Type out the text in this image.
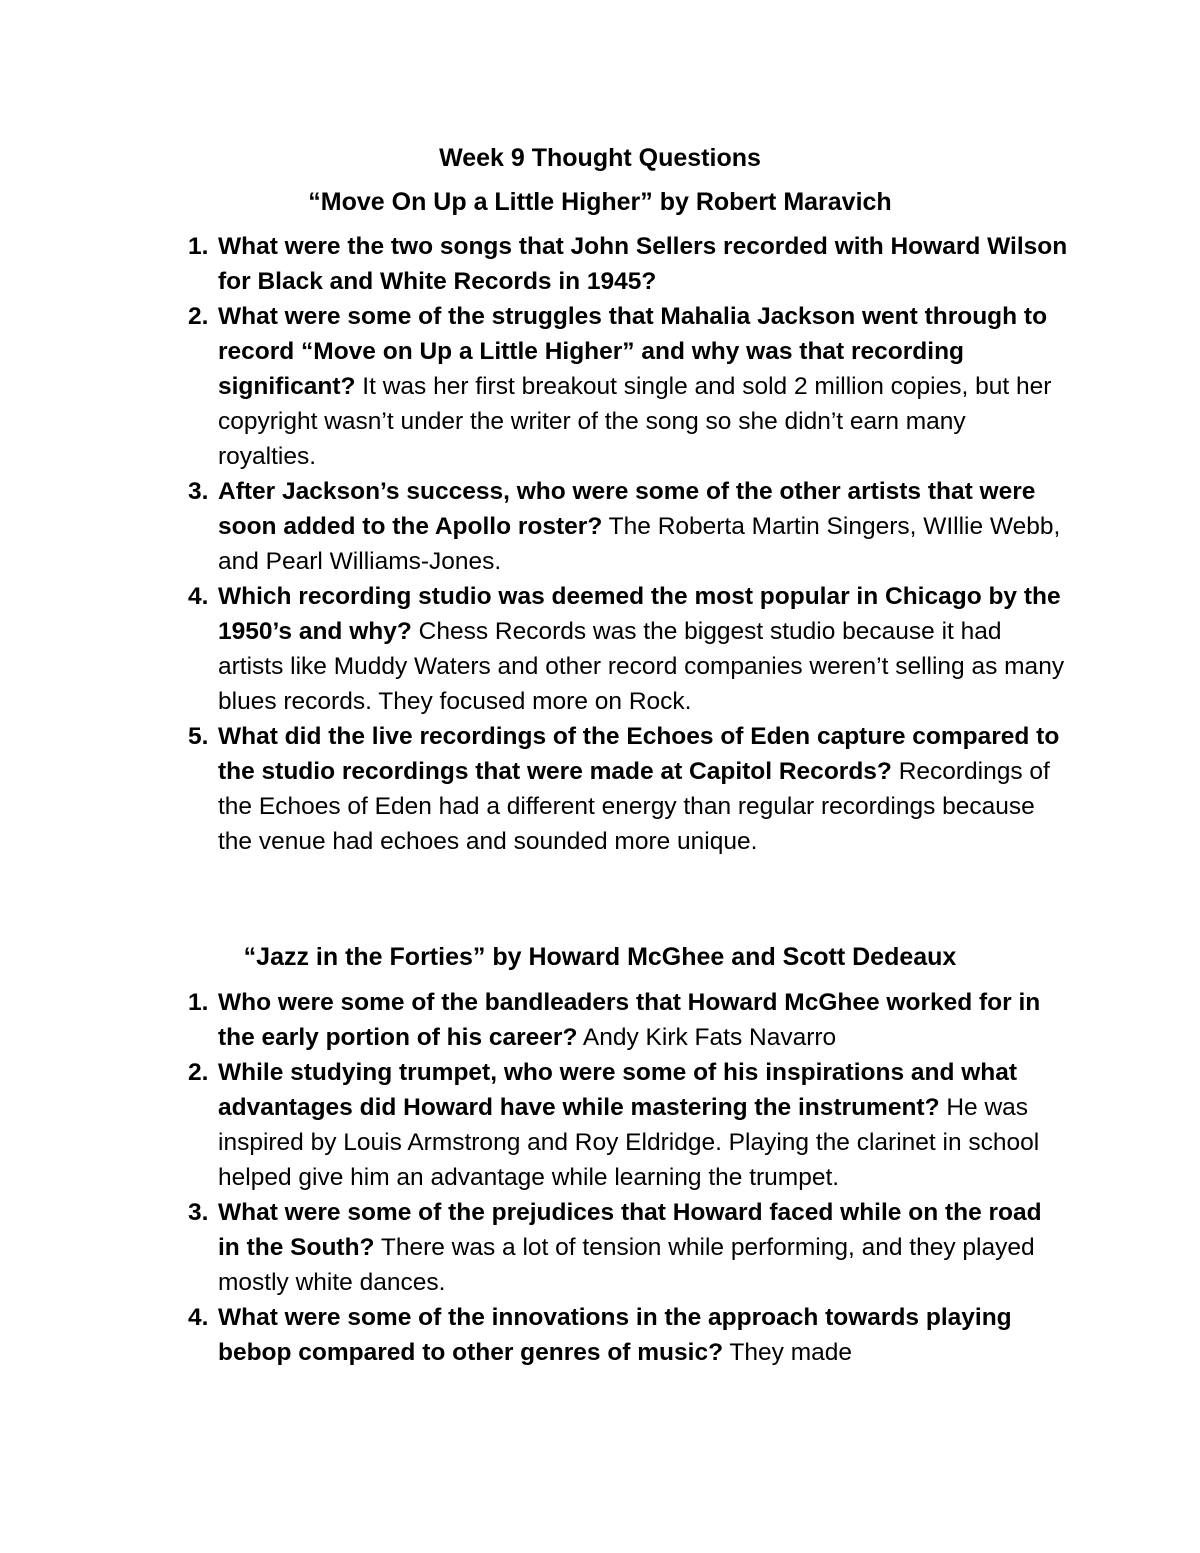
Week 9 Thought Questions
“Move On Up a Little Higher” by Robert Maravich
1. What were the two songs that John Sellers recorded with Howard Wilson for Black and White Records in 1945?
2. What were some of the struggles that Mahalia Jackson went through to record “Move on Up a Little Higher” and why was that recording significant? It was her first breakout single and sold 2 million copies, but her copyright wasn’t under the writer of the song so she didn’t earn many royalties.
3. After Jackson’s success, who were some of the other artists that were soon added to the Apollo roster? The Roberta Martin Singers, WIllie Webb, and Pearl Williams-Jones.
4. Which recording studio was deemed the most popular in Chicago by the 1950’s and why? Chess Records was the biggest studio because it had artists like Muddy Waters and other record companies weren’t selling as many blues records. They focused more on Rock.
5. What did the live recordings of the Echoes of Eden capture compared to the studio recordings that were made at Capitol Records? Recordings of the Echoes of Eden had a different energy than regular recordings because the venue had echoes and sounded more unique.
“Jazz in the Forties” by Howard McGhee and Scott Dedeaux
1. Who were some of the bandleaders that Howard McGhee worked for in the early portion of his career? Andy Kirk Fats Navarro
2. While studying trumpet, who were some of his inspirations and what advantages did Howard have while mastering the instrument? He was inspired by Louis Armstrong and Roy Eldridge. Playing the clarinet in school helped give him an advantage while learning the trumpet.
3. What were some of the prejudices that Howard faced while on the road in the South? There was a lot of tension while performing, and they played mostly white dances.
4. What were some of the innovations in the approach towards playing bebop compared to other genres of music? They made
